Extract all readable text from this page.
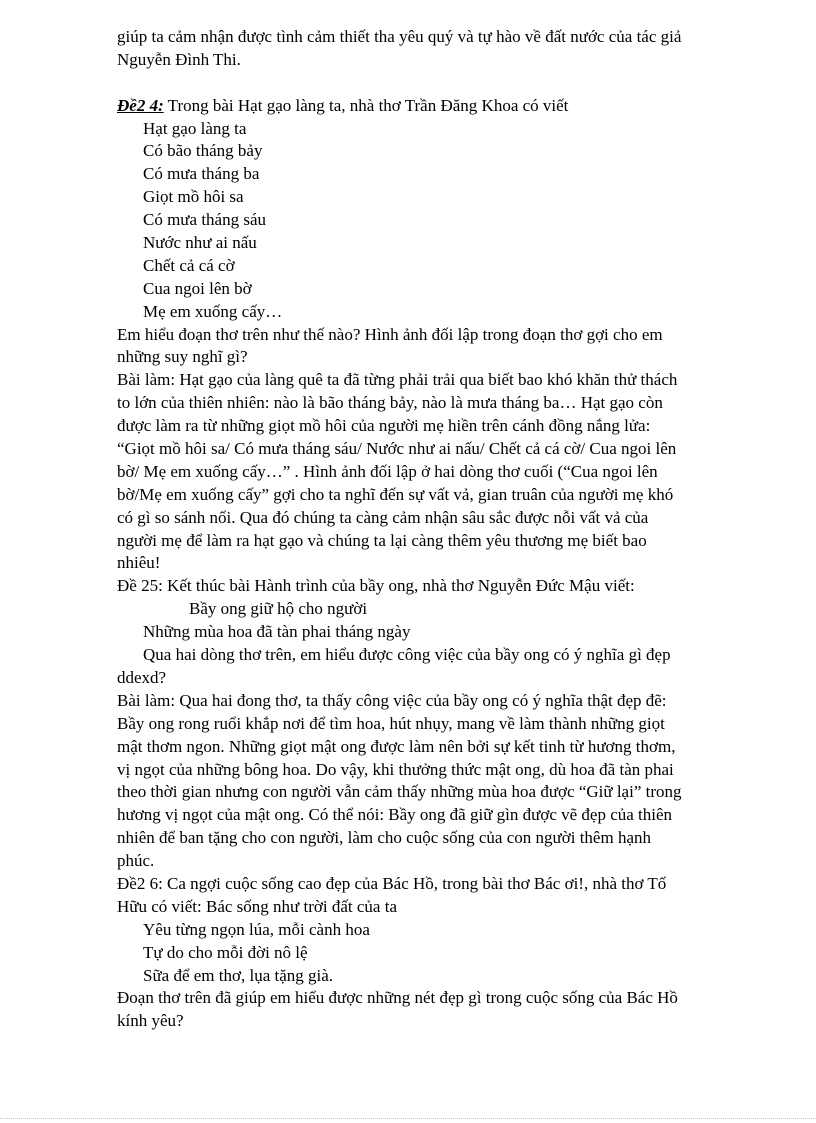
giúp ta cảm nhận được tình cảm thiết tha yêu quý và tự hào về đất nước của tác giả
Nguyễn Đình Thi.
Đề2 4: Trong bài Hạt gạo làng ta, nhà thơ Trần Đăng Khoa có viết
Hạt gạo làng ta
Có bão tháng bảy
Có mưa tháng ba
Giọt mồ hôi sa
Có mưa tháng sáu
Nước như ai nấu
Chết cả cá cờ
Cua ngoi lên bờ
Mẹ em xuống cấy…
Em hiểu đoạn thơ trên như thế nào? Hình ảnh đối lập trong đoạn thơ gợi cho em
những suy nghĩ gì?
Bài làm: Hạt gạo của làng quê ta đã từng phải trải qua biết bao khó khăn thử thách
to lớn của thiên nhiên: nào là bão tháng bảy, nào là mưa tháng ba… Hạt gạo còn
được làm ra từ những giọt mồ hôi của người mẹ hiền trên cánh đồng nắng lửa:
“Giọt mồ hôi sa/ Có mưa tháng sáu/ Nước như ai nấu/ Chết cả cá cờ/ Cua ngoi lên
bờ/ Mẹ em xuống cấy…” . Hình ảnh đối lập ở hai dòng thơ cuối (“Cua ngoi lên
bờ/Mẹ em xuống cấy” gợi cho ta nghĩ đến sự vất vả, gian truân của người mẹ khó
có gì so sánh nổi. Qua đó chúng ta càng cảm nhận sâu sắc được nỗi vất vả của
người mẹ để làm ra hạt gạo và chúng ta lại càng thêm yêu thương mẹ biết bao
nhiêu!
Đề 25: Kết thúc bài Hành trình của bầy ong, nhà thơ Nguyễn Đức Mậu viết:
Bầy ong giữ hộ cho người
Những mùa hoa đã tàn phai tháng ngày
Qua hai dòng thơ trên, em hiểu được công việc của bầy ong có ý nghĩa gì đẹp
ddexd?
Bài làm: Qua hai đong thơ, ta thấy công việc của bầy ong có ý nghĩa thật đẹp đẽ:
Bầy ong rong ruổi khắp nơi để tìm hoa, hút nhụy, mang về làm thành những giọt
mật thơm ngon. Những giọt mật ong được làm nên bởi sự kết tinh từ hương thơm,
vị ngọt của những bông hoa. Do vậy, khi thưởng thức mật ong, dù hoa đã tàn phai
theo thời gian nhưng con người vẫn cảm thấy những mùa hoa được “Giữ lại” trong
hương vị ngọt của mật ong. Có thể nói: Bầy ong đã giữ gìn được vẽ đẹp của thiên
nhiên để ban tặng cho con người, làm cho cuộc sống của con người thêm hạnh
phúc.
Đề2 6: Ca ngợi cuộc sống cao đẹp của Bác Hồ, trong bài thơ Bác ơi!, nhà thơ Tố
Hữu có viết: Bác sống như trời đất của ta
Yêu từng ngọn lúa, mỗi cành hoa
Tự do cho mỗi đời nô lệ
Sữa để em thơ, lụa tặng già.
Đoạn thơ trên đã giúp em hiểu được những nét đẹp gì trong cuộc sống của Bác Hồ
kính yêu?
